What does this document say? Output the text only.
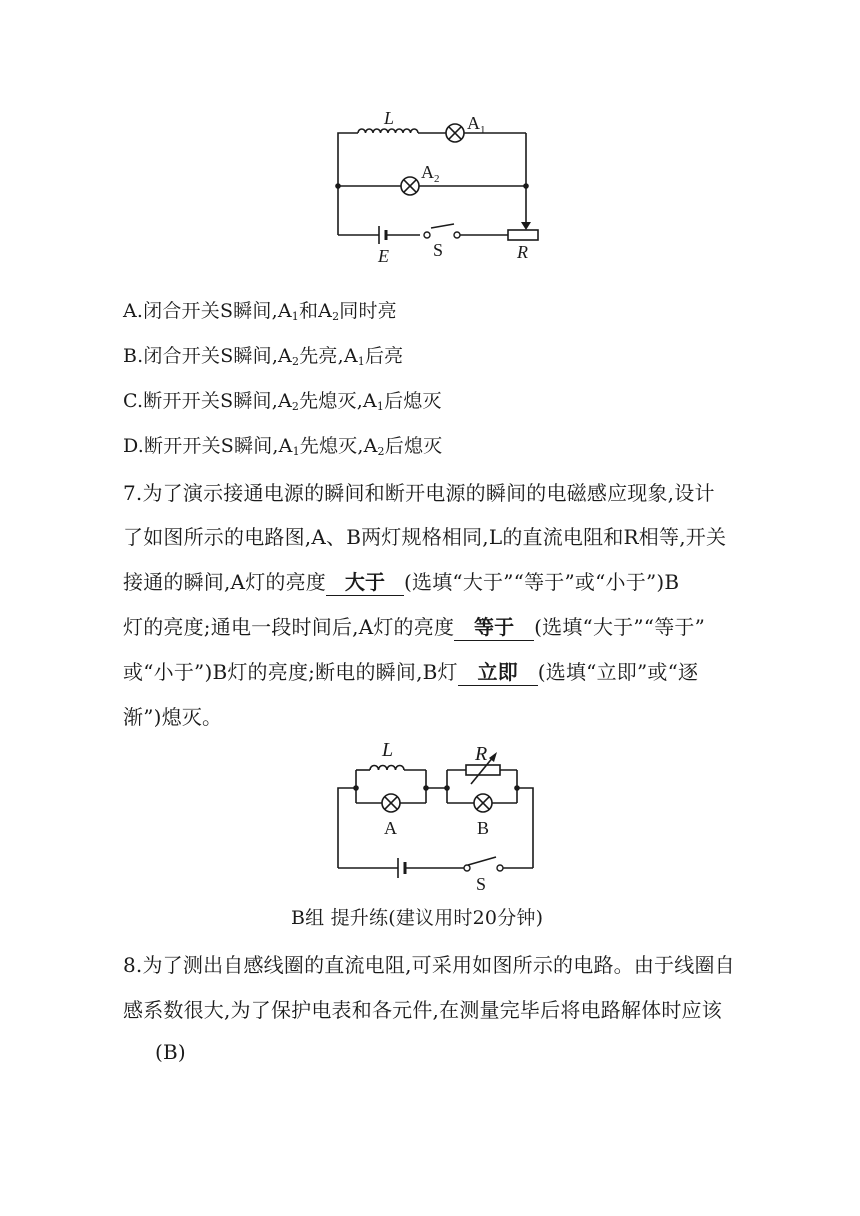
L	$A_1$
$A_2$
E S	R
A.闭合开关S瞬间$,A_1$和$A_2$同时亮
B.闭合开关S瞬间$,A_2$先亮$,A_1$后亮
C.断开开关S瞬间$,A_2$先熄灭$,A_1$后熄灭
D.断开开关S瞬间$,A_1$先熄灭$,A_2$后熄灭
7.为了演示接通电源的瞬间和断开电源的瞬间的电磁感应现象,设计
了如图所示的电路图,A、B两灯规格相同,L的直流电阻和R相等,开关
接通的瞬间,A灯的亮度 大于 (选填“大于”“等于”或“小于”)B
灯的亮度;通电一段时间后,A灯的亮度 等于 (选填“大于”“等于”
或“小于”)B灯的亮度;断电的瞬间,B灯 立即 (选填“立即”或“逐
渐”)熄灭。
L	R
A	B
S
B组 提升练(建议用时20分钟)
8.为了测出自感线圈的直流电阻,可采用如图所示的电路。由于线圈自
感系数很大,为了保护电表和各元件,在测量完毕后将电路解体时应该
(B)
